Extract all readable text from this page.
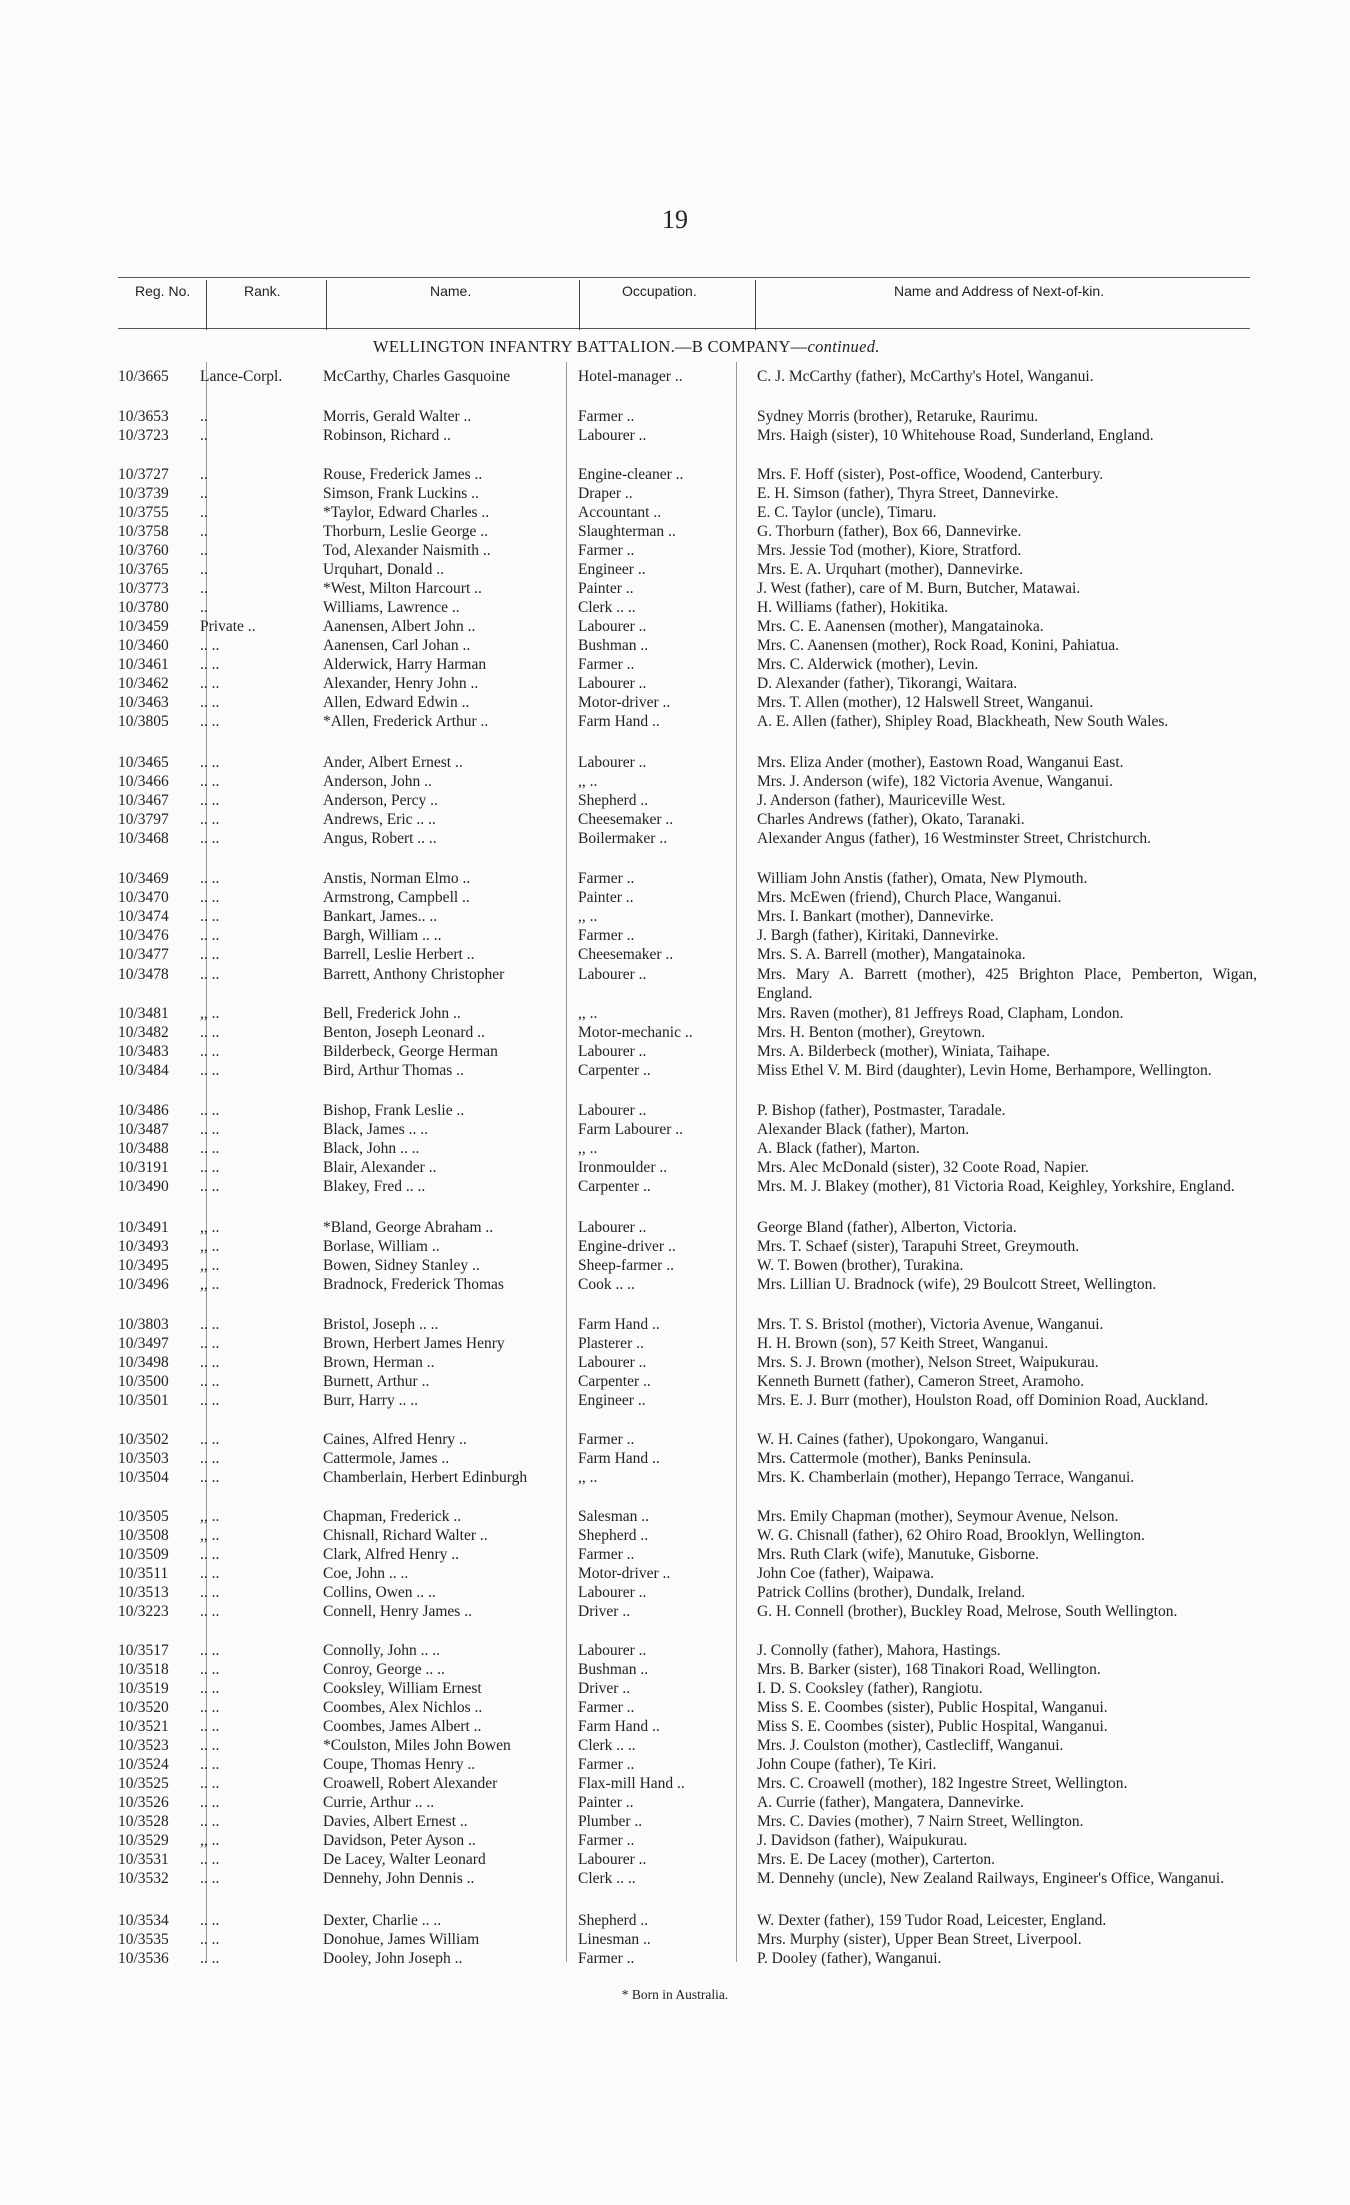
19
Reg. No.	Rank.	Name.	Occupation.	Name and Address of Next-of-kin.
WELLINGTON INFANTRY BATTALION.—B COMPANY—continued.
10/3665	Lance-Corpl.	McCarthy, Charles Gasquoine	Hotel-manager ..	C. J. McCarthy (father), McCarthy's Hotel, Wanganui.
10/3653	..	Morris, Gerald Walter ..	Farmer ..	Sydney Morris (brother), Retaruke, Raurimu.
10/3723	..	Robinson, Richard ..	Labourer ..	Mrs. Haigh (sister), 10 Whitehouse Road, Sunderland, England.
10/3727	..	Rouse, Frederick James ..	Engine-cleaner ..	Mrs. F. Hoff (sister), Post-office, Woodend, Canterbury.
10/3739	..	Simson, Frank Luckins ..	Draper ..	E. H. Simson (father), Thyra Street, Dannevirke.
10/3755	..	*Taylor, Edward Charles ..	Accountant ..	E. C. Taylor (uncle), Timaru.
10/3758	..	Thorburn, Leslie George ..	Slaughterman ..	G. Thorburn (father), Box 66, Dannevirke.
10/3760	..	Tod, Alexander Naismith ..	Farmer ..	Mrs. Jessie Tod (mother), Kiore, Stratford.
10/3765	..	Urquhart, Donald ..	Engineer ..	Mrs. E. A. Urquhart (mother), Dannevirke.
10/3773	..	*West, Milton Harcourt ..	Painter ..	J. West (father), care of M. Burn, Butcher, Matawai.
10/3780	..	Williams, Lawrence ..	Clerk .. ..	H. Williams (father), Hokitika.
10/3459	Private ..	Aanensen, Albert John ..	Labourer ..	Mrs. C. E. Aanensen (mother), Mangatainoka.
10/3460	.. ..	Aanensen, Carl Johan ..	Bushman ..	Mrs. C. Aanensen (mother), Rock Road, Konini, Pahiatua.
10/3461	.. ..	Alderwick, Harry Harman	Farmer ..	Mrs. C. Alderwick (mother), Levin.
10/3462	.. ..	Alexander, Henry John ..	Labourer ..	D. Alexander (father), Tikorangi, Waitara.
10/3463	.. ..	Allen, Edward Edwin ..	Motor-driver ..	Mrs. T. Allen (mother), 12 Halswell Street, Wanganui.
10/3805	.. ..	*Allen, Frederick Arthur ..	Farm Hand ..	A. E. Allen (father), Shipley Road, Blackheath, New South Wales.
10/3465	.. ..	Ander, Albert Ernest ..	Labourer ..	Mrs. Eliza Ander (mother), Eastown Road, Wanganui East.
10/3466	.. ..	Anderson, John ..	,, ..	Mrs. J. Anderson (wife), 182 Victoria Avenue, Wanganui.
10/3467	.. ..	Anderson, Percy ..	Shepherd ..	J. Anderson (father), Mauriceville West.
10/3797	.. ..	Andrews, Eric .. ..	Cheesemaker ..	Charles Andrews (father), Okato, Taranaki.
10/3468	.. ..	Angus, Robert .. ..	Boilermaker ..	Alexander Angus (father), 16 Westminster Street, Christchurch.
10/3469	.. ..	Anstis, Norman Elmo ..	Farmer ..	William John Anstis (father), Omata, New Plymouth.
10/3470	.. ..	Armstrong, Campbell ..	Painter ..	Mrs. McEwen (friend), Church Place, Wanganui.
10/3474	.. ..	Bankart, James.. ..	,, ..	Mrs. I. Bankart (mother), Dannevirke.
10/3476	.. ..	Bargh, William .. ..	Farmer ..	J. Bargh (father), Kiritaki, Dannevirke.
10/3477	.. ..	Barrell, Leslie Herbert ..	Cheesemaker ..	Mrs. S. A. Barrell (mother), Mangatainoka.
10/3478	.. ..	Barrett, Anthony Christopher	Labourer ..	Mrs. Mary A. Barrett (mother), 425 Brighton Place, Pemberton, Wigan, England.
10/3481	,, ..	Bell, Frederick John ..	,, ..	Mrs. Raven (mother), 81 Jeffreys Road, Clapham, London.
10/3482	.. ..	Benton, Joseph Leonard ..	Motor-mechanic ..	Mrs. H. Benton (mother), Greytown.
10/3483	.. ..	Bilderbeck, George Herman	Labourer ..	Mrs. A. Bilderbeck (mother), Winiata, Taihape.
10/3484	.. ..	Bird, Arthur Thomas ..	Carpenter ..	Miss Ethel V. M. Bird (daughter), Levin Home, Berhampore, Wellington.
10/3486	.. ..	Bishop, Frank Leslie ..	Labourer ..	P. Bishop (father), Postmaster, Taradale.
10/3487	.. ..	Black, James .. ..	Farm Labourer ..	Alexander Black (father), Marton.
10/3488	.. ..	Black, John .. ..	,, ..	A. Black (father), Marton.
10/3191	.. ..	Blair, Alexander ..	Ironmoulder ..	Mrs. Alec McDonald (sister), 32 Coote Road, Napier.
10/3490	.. ..	Blakey, Fred .. ..	Carpenter ..	Mrs. M. J. Blakey (mother), 81 Victoria Road, Keighley, Yorkshire, England.
10/3491	,, ..	*Bland, George Abraham ..	Labourer ..	George Bland (father), Alberton, Victoria.
10/3493	,, ..	Borlase, William ..	Engine-driver ..	Mrs. T. Schaef (sister), Tarapuhi Street, Greymouth.
10/3495	,, ..	Bowen, Sidney Stanley ..	Sheep-farmer ..	W. T. Bowen (brother), Turakina.
10/3496	,, ..	Bradnock, Frederick Thomas	Cook .. ..	Mrs. Lillian U. Bradnock (wife), 29 Boulcott Street, Wellington.
10/3803	.. ..	Bristol, Joseph .. ..	Farm Hand ..	Mrs. T. S. Bristol (mother), Victoria Avenue, Wanganui.
10/3497	.. ..	Brown, Herbert James Henry	Plasterer ..	H. H. Brown (son), 57 Keith Street, Wanganui.
10/3498	.. ..	Brown, Herman ..	Labourer ..	Mrs. S. J. Brown (mother), Nelson Street, Waipukurau.
10/3500	.. ..	Burnett, Arthur ..	Carpenter ..	Kenneth Burnett (father), Cameron Street, Aramoho.
10/3501	.. ..	Burr, Harry .. ..	Engineer ..	Mrs. E. J. Burr (mother), Houlston Road, off Dominion Road, Auckland.
10/3502	.. ..	Caines, Alfred Henry ..	Farmer ..	W. H. Caines (father), Upokongaro, Wanganui.
10/3503	.. ..	Cattermole, James ..	Farm Hand ..	Mrs. Cattermole (mother), Banks Peninsula.
10/3504	.. ..	Chamberlain, Herbert Edinburgh	,, ..	Mrs. K. Chamberlain (mother), Hepango Terrace, Wanganui.
10/3505	,, ..	Chapman, Frederick ..	Salesman ..	Mrs. Emily Chapman (mother), Seymour Avenue, Nelson.
10/3508	,, ..	Chisnall, Richard Walter ..	Shepherd ..	W. G. Chisnall (father), 62 Ohiro Road, Brooklyn, Wellington.
10/3509	.. ..	Clark, Alfred Henry ..	Farmer ..	Mrs. Ruth Clark (wife), Manutuke, Gisborne.
10/3511	.. ..	Coe, John .. ..	Motor-driver ..	John Coe (father), Waipawa.
10/3513	.. ..	Collins, Owen .. ..	Labourer ..	Patrick Collins (brother), Dundalk, Ireland.
10/3223	.. ..	Connell, Henry James ..	Driver ..	G. H. Connell (brother), Buckley Road, Melrose, South Wellington.
10/3517	.. ..	Connolly, John .. ..	Labourer ..	J. Connolly (father), Mahora, Hastings.
10/3518	.. ..	Conroy, George .. ..	Bushman ..	Mrs. B. Barker (sister), 168 Tinakori Road, Wellington.
10/3519	.. ..	Cooksley, William Ernest	Driver ..	I. D. S. Cooksley (father), Rangiotu.
10/3520	.. ..	Coombes, Alex Nichlos ..	Farmer ..	Miss S. E. Coombes (sister), Public Hospital, Wanganui.
10/3521	.. ..	Coombes, James Albert ..	Farm Hand ..	Miss S. E. Coombes (sister), Public Hospital, Wanganui.
10/3523	.. ..	*Coulston, Miles John Bowen	Clerk .. ..	Mrs. J. Coulston (mother), Castlecliff, Wanganui.
10/3524	.. ..	Coupe, Thomas Henry ..	Farmer ..	John Coupe (father), Te Kiri.
10/3525	.. ..	Croawell, Robert Alexander	Flax-mill Hand ..	Mrs. C. Croawell (mother), 182 Ingestre Street, Wellington.
10/3526	.. ..	Currie, Arthur .. ..	Painter ..	A. Currie (father), Mangatera, Dannevirke.
10/3528	.. ..	Davies, Albert Ernest ..	Plumber ..	Mrs. C. Davies (mother), 7 Nairn Street, Wellington.
10/3529	,, ..	Davidson, Peter Ayson ..	Farmer ..	J. Davidson (father), Waipukurau.
10/3531	.. ..	De Lacey, Walter Leonard	Labourer ..	Mrs. E. De Lacey (mother), Carterton.
10/3532	.. ..	Dennehy, John Dennis ..	Clerk .. ..	M. Dennehy (uncle), New Zealand Railways, Engineer's Office, Wanganui.
10/3534	.. ..	Dexter, Charlie .. ..	Shepherd ..	W. Dexter (father), 159 Tudor Road, Leicester, England.
10/3535	.. ..	Donohue, James William	Linesman ..	Mrs. Murphy (sister), Upper Bean Street, Liverpool.
10/3536	.. ..	Dooley, John Joseph ..	Farmer ..	P. Dooley (father), Wanganui.
* Born in Australia.
